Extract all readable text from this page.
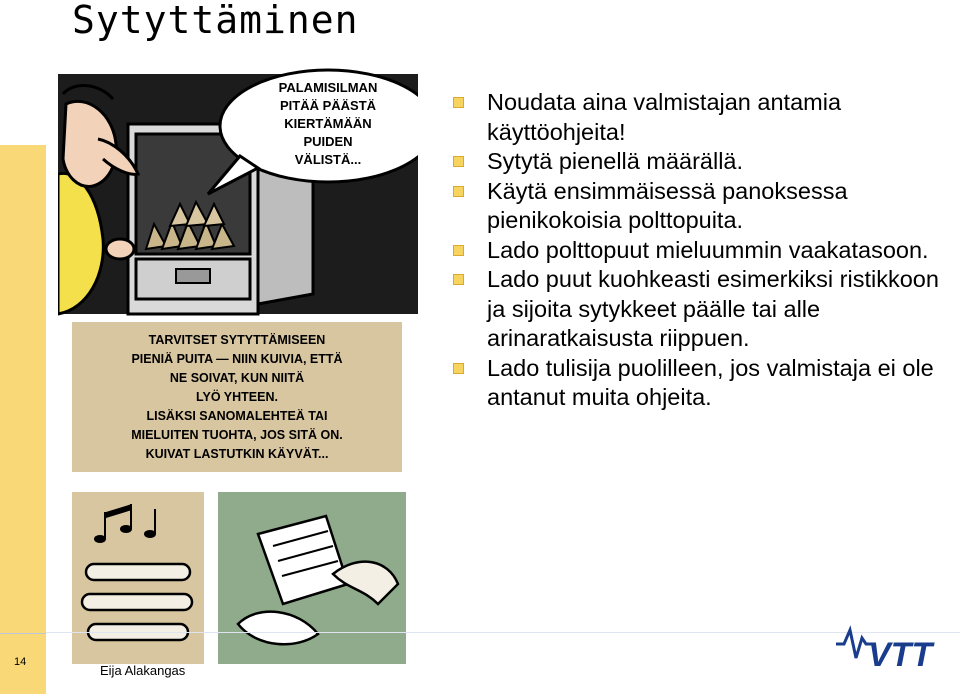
Sytyttäminen
PALAMISILMAN
PITÄÄ PÄÄSTÄ
KIERTÄMÄÄN
PUIDEN
VÄLISTÄ...
TARVITSET SYTYTTÄMISEEN
PIENIÄ PUITA — NIIN KUIVIA, ETTÄ
NE SOIVAT, KUN NIITÄ
LYÖ YHTEEN.
LISÄKSI SANOMALEHTEÄ TAI
MIELUITEN TUOHTA, JOS SITÄ ON.
KUIVAT LASTUTKIN KÄYVÄT...
Noudata aina valmistajan antamia käyttöohjeita!
Sytytä pienellä määrällä.
Käytä ensimmäisessä panoksessa pienikokoisia polttopuita.
Lado polttopuut mieluummin vaakatasoon.
Lado puut kuohkeasti esimerkiksi ristikkoon ja sijoita sytykkeet päälle tai alle arinaratkaisusta riippuen.
Lado tulisija puolilleen, jos valmistaja ei ole antanut muita ohjeita.
14
Eija Alakangas	VTT
